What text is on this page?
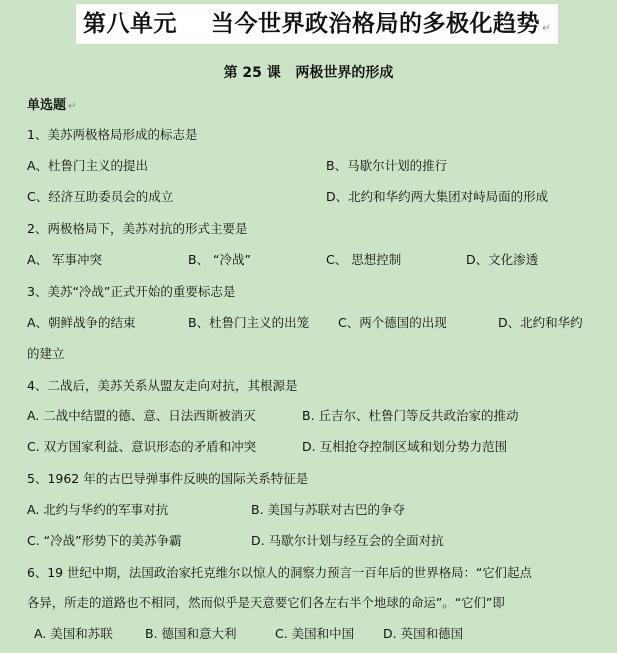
第八单元    当今世界政治格局的多极化趋势 ↵
第 25 课   两极世界的形成
单选题 ↵
1、美苏两极格局形成的标志是
A、杜鲁门主义的提出	B、马歇尔计划的推行
C、经济互助委员会的成立	D、北约和华约两大集团对峙局面的形成
2、两极格局下，美苏对抗的形式主要是
A、 军事冲突	B、 “冷战”	C、 思想控制	D、文化渗透
3、美苏“冷战”正式开始的重要标志是
A、朝鲜战争的结束	B、杜鲁门主义的出笼 C、两个德国的出现	D、北约和华约
的建立
4、二战后，美苏关系从盟友走向对抗，其根源是
A. 二战中结盟的德、意、日法西斯被消灭	B. 丘吉尔、杜鲁门等反共政治家的推动
C. 双方国家利益、意识形态的矛盾和冲突	D. 互相抢夺控制区域和划分势力范围
5、1962 年的古巴导弹事件反映的国际关系特征是
A. 北约与华约的军事对抗	B. 美国与苏联对古巴的争夺
C. “冷战”形势下的美苏争霸	D. 马歇尔计划与经互会的全面对抗
6、19 世纪中期，法国政治家托克维尔以惊人的洞察力预言一百年后的世界格局：“它们起点
各异，所走的道路也不相同，然而似乎是天意要它们各左右半个地球的命运”。“它们”即
A. 美国和苏联	B. 德国和意大利	C. 美国和中国 D. 英国和德国
